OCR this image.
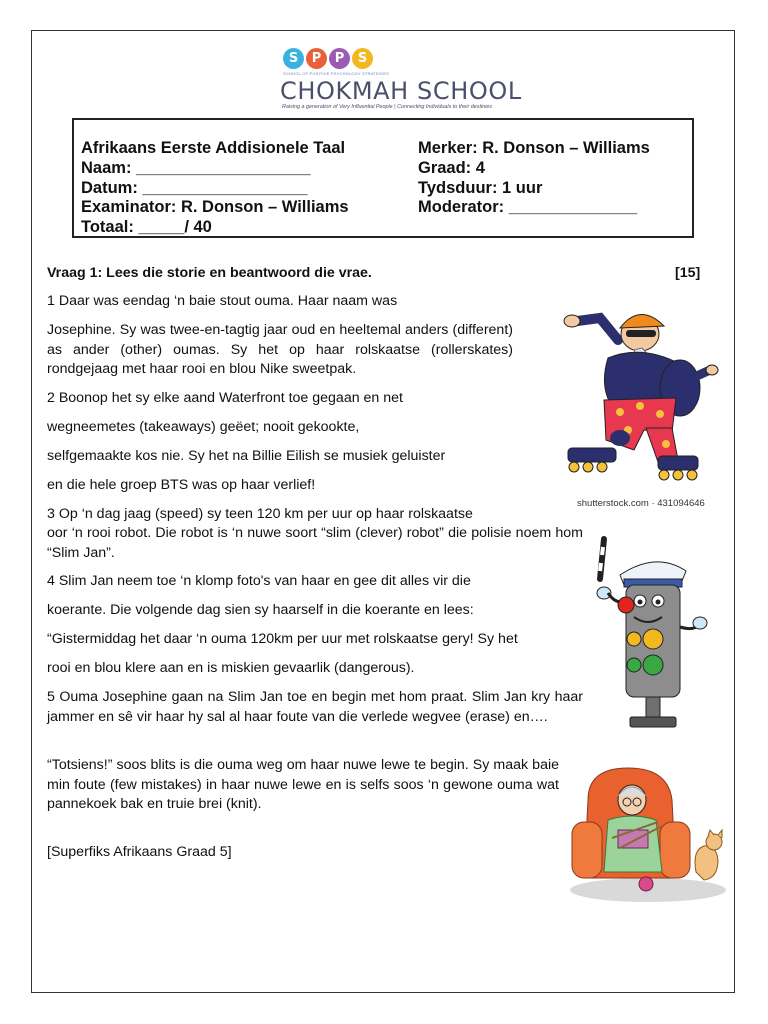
S	P	P	S
SCHOOL OF POSITIVE PSYCHOLOGY STRATEGIES
CHOKMAH SCHOOL
Raising a generation of Very Influential People | Connecting Individuals to their destinies
Afrikaans Eerste Addisionele Taal
Naam: ___________________
Datum: __________________
Examinator: R. Donson – Williams
Totaal: _____/ 40
Merker: R. Donson – Williams
Graad: 4
Tydsduur: 1 uur
Moderator: ______________
Vraag 1: Lees die storie en beantwoord die vrae.	[15]
1 Daar was eendag ‘n baie stout ouma. Haar naam was
Josephine. Sy was twee-en-tagtig jaar oud en heeltemal anders (different) as ander (other) oumas. Sy het op haar rolskaatse (rollerskates) rondgejaag met haar rooi en blou Nike sweetpak.
2 Boonop het sy elke aand Waterfront toe gegaan en net
wegneemetes (takeaways) geëet; nooit gekookte,
selfgemaakte kos nie. Sy het na Billie Eilish se musiek geluister
en die hele groep BTS was op haar verlief!
3 Op ‘n dag jaag (speed) sy teen 120 km per uur op haar rolskaatse
oor ‘n rooi robot. Die robot is ‘n nuwe soort “slim (clever) robot” die polisie noem hom “Slim Jan”.
4 Slim Jan neem toe ‘n klomp foto's van haar en gee dit alles vir die
koerante. Die volgende dag sien sy haarself in die koerante en lees:
“Gistermiddag het daar ‘n ouma 120km per uur met rolskaatse gery! Sy het
rooi en blou klere aan en is miskien gevaarlik (dangerous).
5 Ouma Josephine gaan na Slim Jan toe en begin met hom praat. Slim Jan kry haar jammer en sê vir haar hy sal al haar foute van die verlede wegvee (erase) en….
“Totsiens!” soos blits is die ouma weg om haar nuwe lewe te begin. Sy maak baie min foute (few mistakes) in haar nuwe lewe en is selfs soos ‘n gewone ouma wat pannekoek bak en truie brei (knit).
[Superfiks Afrikaans Graad 5]
shutterstock.com · 431094646
